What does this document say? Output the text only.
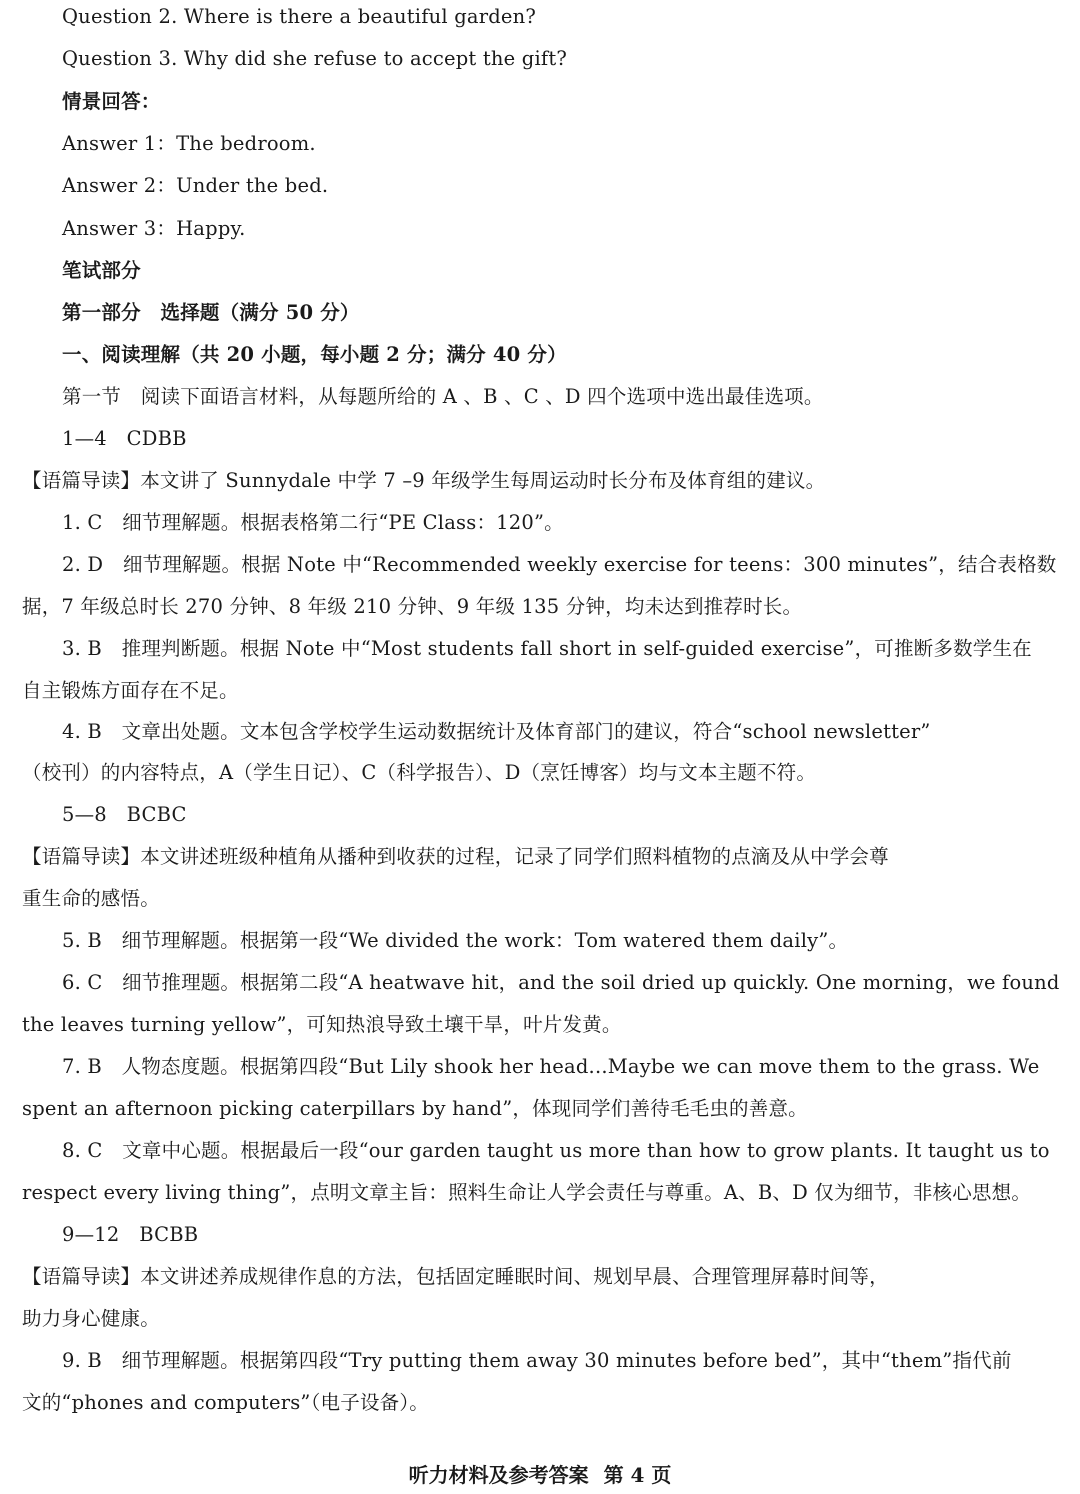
Question 2. Where is there a beautiful garden?
Question 3. Why did she refuse to accept the gift?
情景回答：
Answer 1：The bedroom.
Answer 2：Under the bed.
Answer 3：Happy.
笔试部分
第一部分　选择题（满分 50 分）
一、阅读理解（共 20 小题，每小题 2 分；满分 40 分）
第一节　阅读下面语言材料，从每题所给的 A 、B 、C 、D 四个选项中选出最佳选项。
1—4　CDBB
【语篇导读】本文讲了 Sunnydale 中学 7 –9 年级学生每周运动时长分布及体育组的建议。
1. C　细节理解题。根据表格第二行“PE Class：120”。
2. D　细节理解题。根据 Note 中“Recommended weekly exercise for teens：300 minutes”，结合表格数
据，7 年级总时长 270 分钟、8 年级 210 分钟、9 年级 135 分钟，均未达到推荐时长。
3. B　推理判断题。根据 Note 中“Most students fall short in self-guided exercise”，可推断多数学生在
自主锻炼方面存在不足。
4. B　文章出处题。文本包含学校学生运动数据统计及体育部门的建议，符合“school newsletter”
（校刊）的内容特点，A（学生日记）、C（科学报告）、D（烹饪博客）均与文本主题不符。
5—8　BCBC
【语篇导读】本文讲述班级种植角从播种到收获的过程，记录了同学们照料植物的点滴及从中学会尊
重生命的感悟。
5. B　细节理解题。根据第一段“We divided the work：Tom watered them daily”。
6. C　细节推理题。根据第二段“A heatwave hit，and the soil dried up quickly. One morning，we found
the leaves turning yellow”，可知热浪导致土壤干旱，叶片发黄。
7. B　人物态度题。根据第四段“But Lily shook her head...Maybe we can move them to the grass. We
spent an afternoon picking caterpillars by hand”，体现同学们善待毛毛虫的善意。
8. C　文章中心题。根据最后一段“our garden taught us more than how to grow plants. It taught us to
respect every living thing”，点明文章主旨：照料生命让人学会责任与尊重。A、B、D 仅为细节，非核心思想。
9—12　BCBB
【语篇导读】本文讲述养成规律作息的方法，包括固定睡眠时间、规划早晨、合理管理屏幕时间等，
助力身心健康。
9. B　细节理解题。根据第四段“Try putting them away 30 minutes before bed”，其中“them”指代前
文的“phones and computers”（电子设备）。
听力材料及参考答案 第 4 页
